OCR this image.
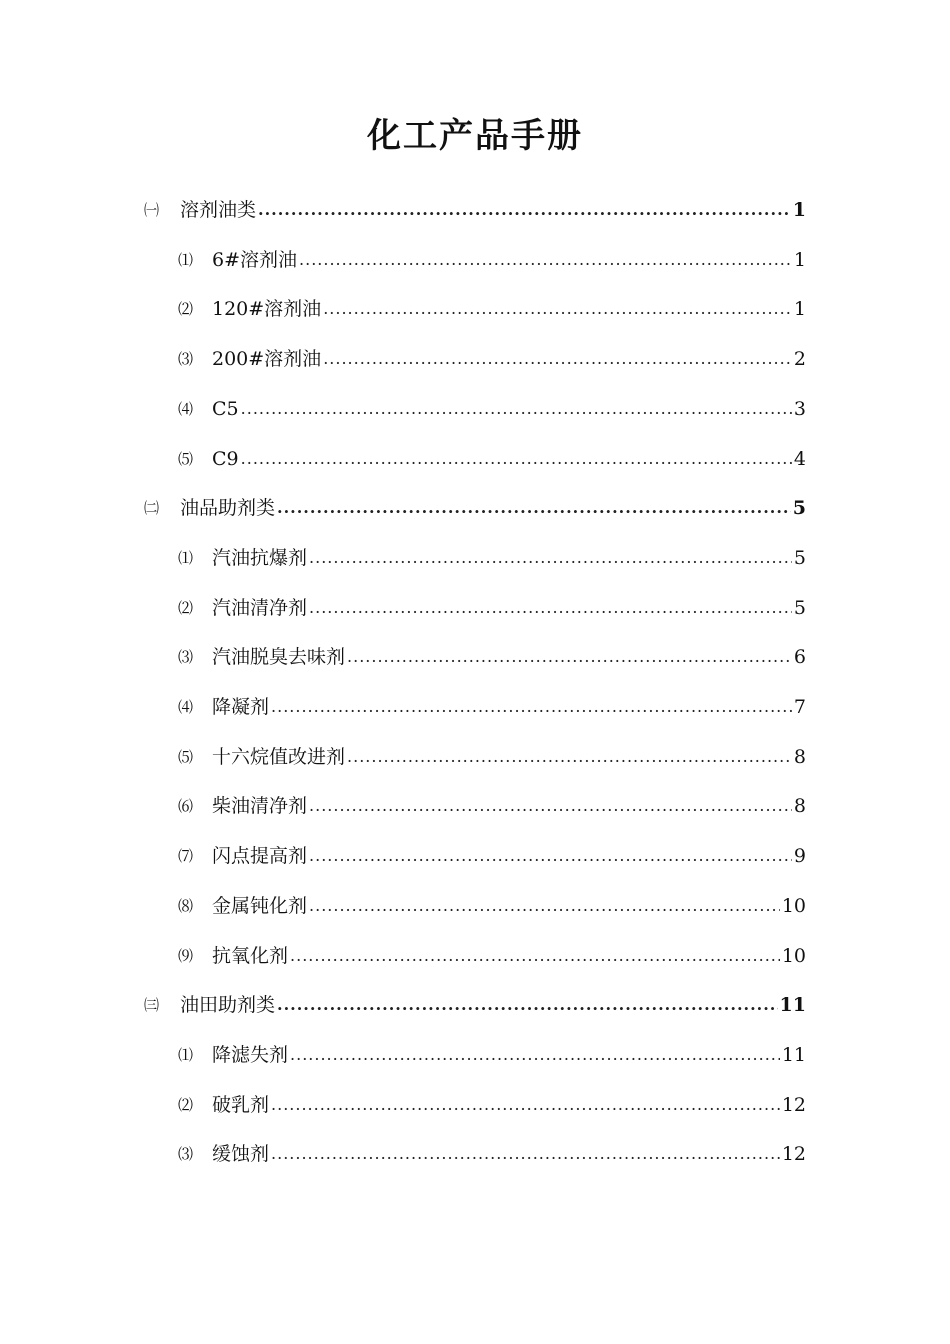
化工产品手册
㈠	溶剂油类 .....	1
⑴ 6#溶剂油 .....	1
⑵ 120#溶剂油 .....	1
⑶ 200#溶剂油 .....	2
⑷ C5 .....	3
⑸ C9 .....	4
㈡	油品助剂类 .....	5
⑴ 汽油抗爆剂 .....	5
⑵ 汽油清净剂 .....	5
⑶ 汽油脱臭去味剂 .....	6
⑷ 降凝剂 .....	7
⑸ 十六烷值改进剂 .....	8
⑹ 柴油清净剂 .....	8
⑺ 闪点提高剂 .....	9
⑻ 金属钝化剂 .....	10
⑼ 抗氧化剂 .....	10
㈢	油田助剂类 .....	11
⑴ 降滤失剂 .....	11
⑵ 破乳剂 .....	12
⑶ 缓蚀剂 .....	12
